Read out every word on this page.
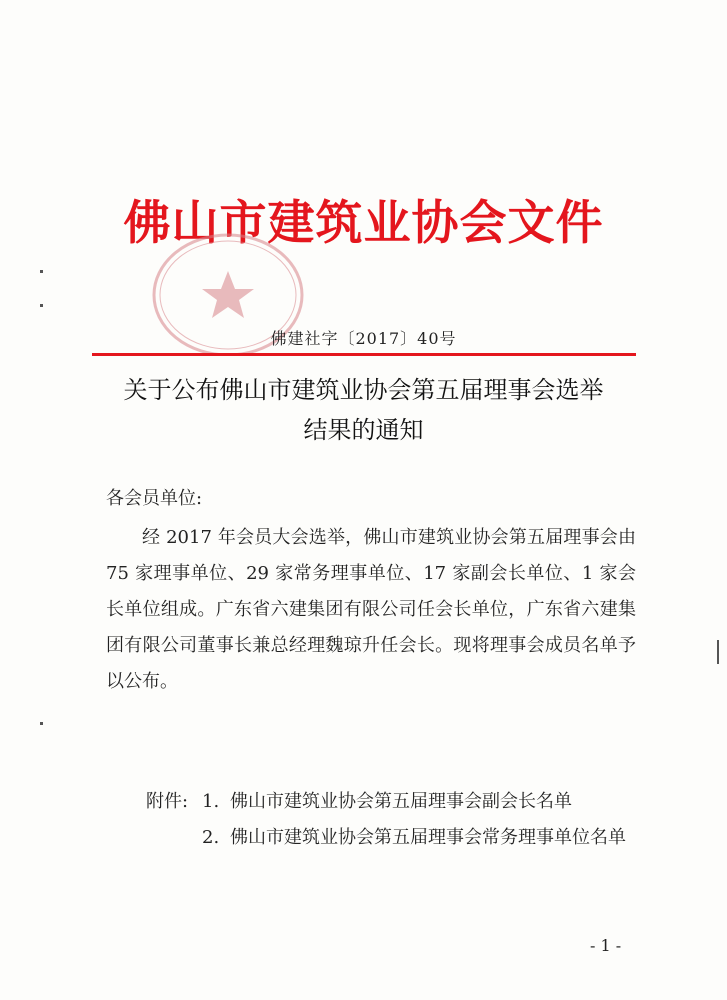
佛山市建筑业协会文件
佛建社字〔2017〕40号
关于公布佛山市建筑业协会第五届理事会选举
结果的通知
各会员单位:
经 2017 年会员大会选举，佛山市建筑业协会第五届理事会由 75 家理事单位、29 家常务理事单位、17 家副会长单位、1 家会长单位组成。广东省六建集团有限公司任会长单位，广东省六建集团有限公司董事长兼总经理魏琼升任会长。现将理事会成员名单予以公布。
附件: 1. 佛山市建筑业协会第五届理事会副会长名单
2. 佛山市建筑业协会第五届理事会常务理事单位名单
- 1 -
